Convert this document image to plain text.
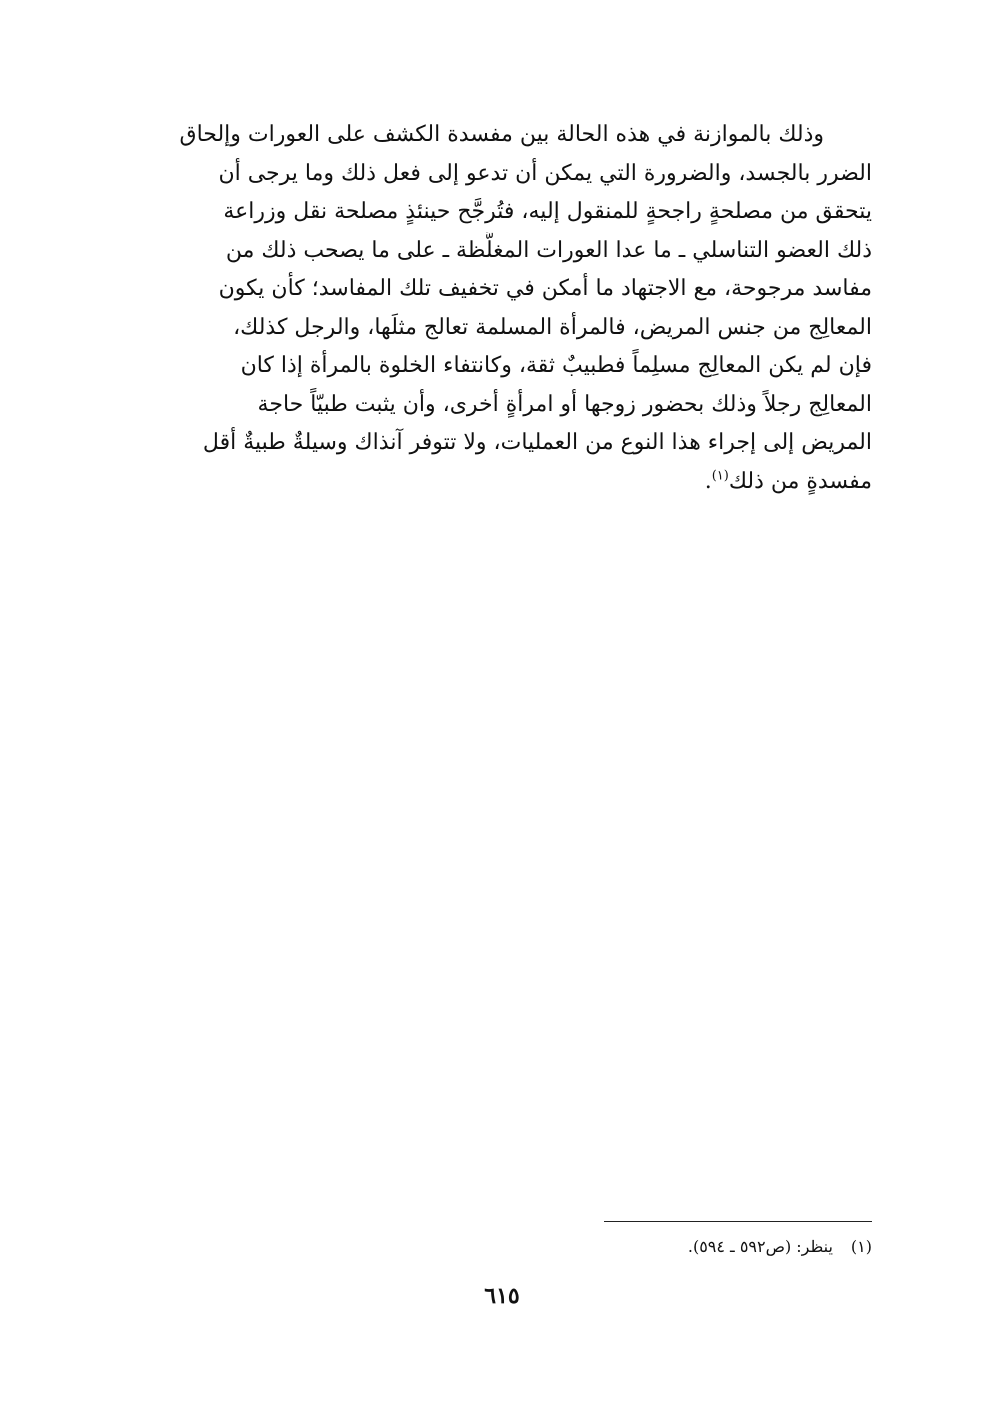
وذلك بالموازنة في هذه الحالة بين مفسدة الكشف على العورات وإلحاق
الضرر بالجسد، والضرورة التي يمكن أن تدعو إلى فعل ذلك وما يرجى أن
يتحقق من مصلحةٍ راجحةٍ للمنقول إليه، فتُرجَّح حينئذٍ مصلحة نقل وزراعة
ذلك العضو التناسلي ـ ما عدا العورات المغلَّظة ـ على ما يصحب ذلك من
مفاسد مرجوحة، مع الاجتهاد ما أمكن في تخفيف تلك المفاسد؛ كأن يكون
المعالِج من جنس المريض، فالمرأة المسلمة تعالج مثلَها، والرجل كذلك،
فإن لم يكن المعالِج مسلِماً فطبيبٌ ثقة، وكانتفاء الخلوة بالمرأة إذا كان
المعالِج رجلاً وذلك بحضور زوجها أو امرأةٍ أخرى، وأن يثبت طبيّاً حاجة
المريض إلى إجراء هذا النوع من العمليات، ولا تتوفر آنذاك وسيلةٌ طبيةٌ أقل
مفسدةٍ من ذلك$^{(١)}$.
(١)ينظر: (ص٥٩٢ ـ ٥٩٤).
٦١٥
